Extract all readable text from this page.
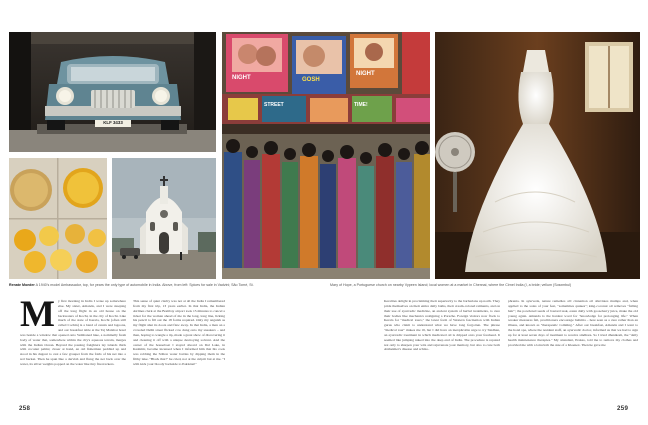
KLF 3433
NIGHT	GOSH
NIGHT
STREET	TIME!
Renate Moeder A 1940's model Ambassador, top, for years the only type of automobile in India. Above, from left: Spices for sale in Vadvini; São Tomé, St.	Mary of Hope, a Portuguese church on nearby Vypeen Island; local women at a market in Chennai, where the Cirnel India (I, a bride; vellum (Sosxmbul)

My first morning in India I woke up somewhere else. My sister, Amanda, and I were sleeping off the long flight in an old house on the backwaters of Kochi, in the city of Kochi. Like much of the state of Kerala, Kochi (often still called Cochin) is a band of canals and lagoons, and our breakfast table at the Taj Malabar hotel was beside a window that opened onto Vembanad lake, a nominally fresh body of water that, somewhere within the city's aqueous terrain, merges with the Indian Ocean. Beyond the passing freighters lay islands thick with coconut palms; closer at hand, an old fisherman paddled up and stood in his dugout to cast a few grouper from the folds of his net into a red bucket. Then he spun like a dervish and flung the net back over the water, its silver weights popped on the water like tiny firecrackers.

This sense of quiet clarity was not at all the India I remembered from my first trip, 13 years earlier. In that India, the Indian Airlines clerk at the Bombay airport took 15 minutes to cancel a ticket for the woman ahead of me in the long, long line, licking his pencil to fill out the 18 forms required. Only my anguish as my flight shut its doors and flew away. In that India, a man on a crowded Delhi street flicked cow dung onto my sneakers – and then, hoping to wangle a tip, made a great show of discovering it and cleaning it off with a unique destroying solvent. And the owner of the houseboat I stayed aboard on Dal Lake, in Kashmir, became incensed when I informed him that his cook was robbing the Stilton water bottles by dipping them in the filthy lake. "Black that!" he cried, not at the culprit but at me. "I with kick your bloody backside to Pakistan!"

Keralites delight in proclaiming their superiority to the barbarians up north. They pride themselves on their entire daily baths, their cream-colored raiments, and on their use of ayurvedic medicine, an ancient system of herbal treatments, to cure their bodies like mechanics realigning a Porsche. Foreign visitors now flock to Kerala for "medical tours," the latest form of Western fascination with Indian gurus who claim to understand what we have long forgotten. The phrase "medical tour" makes me ill, but I did have an inexplicable urge to try Sindhan, an ayurvedic treatment in which medicated oil is dripped onto your forehead. It seemed like jumping naked into the deep end of India. The procedure is reputed not only to sharpen your wits and rejuvenate your memory, but also to cure both Alzheimer's disease and schizo-

phrenia. In ayurveda, nature remedies all: cinnamon oil alleviates mumps and, when applied to the soles of your feet, "sometimes quakes"; king-coconut oil removes "falling hair"; the powdered seeds of bastard teak, eaten daily with gooseberry juice, make the old young again. Amanda is the hardest word for "knowledge for prolonging life." When weaker measures fail, practitioners encourage bulimia – here seen as a cure rather than an illness, and known as "therapeutic vomiting." After our breakfast, Amanda and I went to the hotel spa, where the resident staff, an ayurvedic doctor, informed us that we had to sign up for at least seven days of treatment to receive sindhara. So I tried dhanikom, the "daily health maintenance therapies." My attendant, Prakas, told me to remove my clothes and provided me with a loincloth the size of a Kleenex. Then he gave me

258	259
